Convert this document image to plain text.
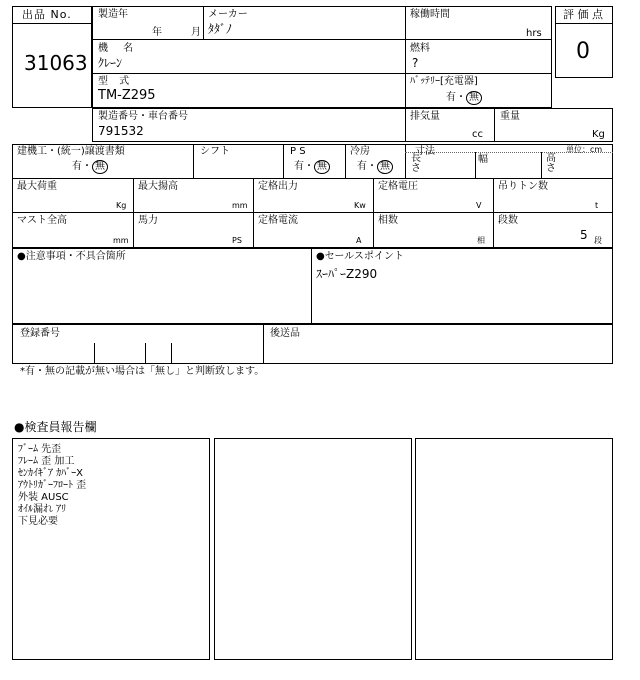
出品 No.
31063
製造年
年	月
メーカー
ﾀﾀﾞﾉ
稼働時間
hrs
機 名
ｸﾚｰﾝ
燃料
?
型 式
TM-Z295
ﾊﾞｯﾃﾘｰ[充電器]
有・ 無
評 価 点
0
製造番号・車台番号
791532
排気量
cc
重量
Kg
建機工・(統一)譲渡書類
有・ 無
シフト	P S
有・ 無
冷房
有・ 無
寸法
長
さ
幅	高
さ
単位：cm
最大荷重
Kg
最大揚高
mm
定格出力
Kw
定格電圧
V
吊りトン数
t
マスト全高
mm
馬力
PS
定格電流
A
相数
相
段数
5 段
●注意事項・不具合箇所	●セールスポイント
ｽｰﾊﾟｰZ290
登録番号	後送品
*有・無の記載が無い場合は「無し」と判断致します。
●検査員報告欄
ﾌﾞｰﾑ 先歪
ﾌﾚｰﾑ 歪 加工
ｾﾝｶｲｷﾞｱ ｶﾊﾞｰX
ｱｳﾄﾘｶﾞｰﾌﾛｰﾄ 歪
外装 AUSC
ｵｲﾙ漏れ ｱﾘ
下見必要
